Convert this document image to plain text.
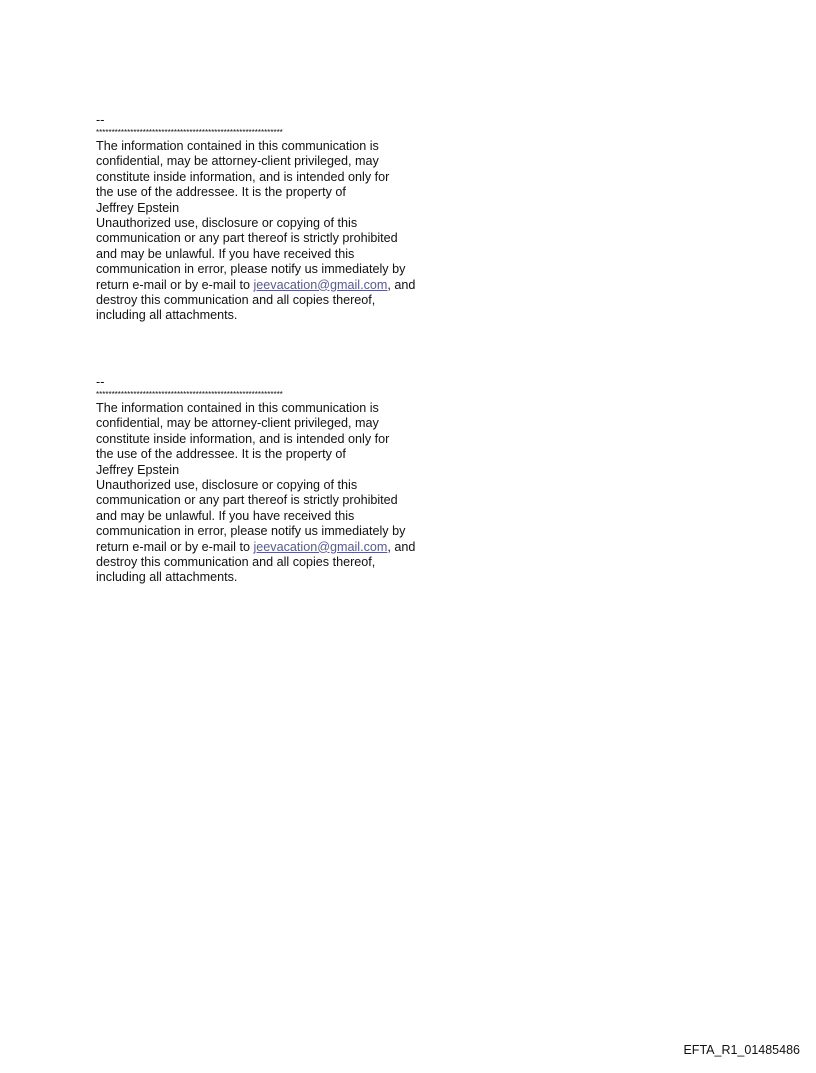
--
************************************************************
The information contained in this communication is
confidential, may be attorney-client privileged, may
constitute inside information, and is intended only for
the use of the addressee. It is the property of
Jeffrey Epstein
Unauthorized use, disclosure or copying of this
communication or any part thereof is strictly prohibited
and may be unlawful. If you have received this
communication in error, please notify us immediately by
return e-mail or by e-mail to jeevacation@gmail.com, and
destroy this communication and all copies thereof,
including all attachments.
--
************************************************************
The information contained in this communication is
confidential, may be attorney-client privileged, may
constitute inside information, and is intended only for
the use of the addressee. It is the property of
Jeffrey Epstein
Unauthorized use, disclosure or copying of this
communication or any part thereof is strictly prohibited
and may be unlawful. If you have received this
communication in error, please notify us immediately by
return e-mail or by e-mail to jeevacation@gmail.com, and
destroy this communication and all copies thereof,
including all attachments.
EFTA_R1_01485486
